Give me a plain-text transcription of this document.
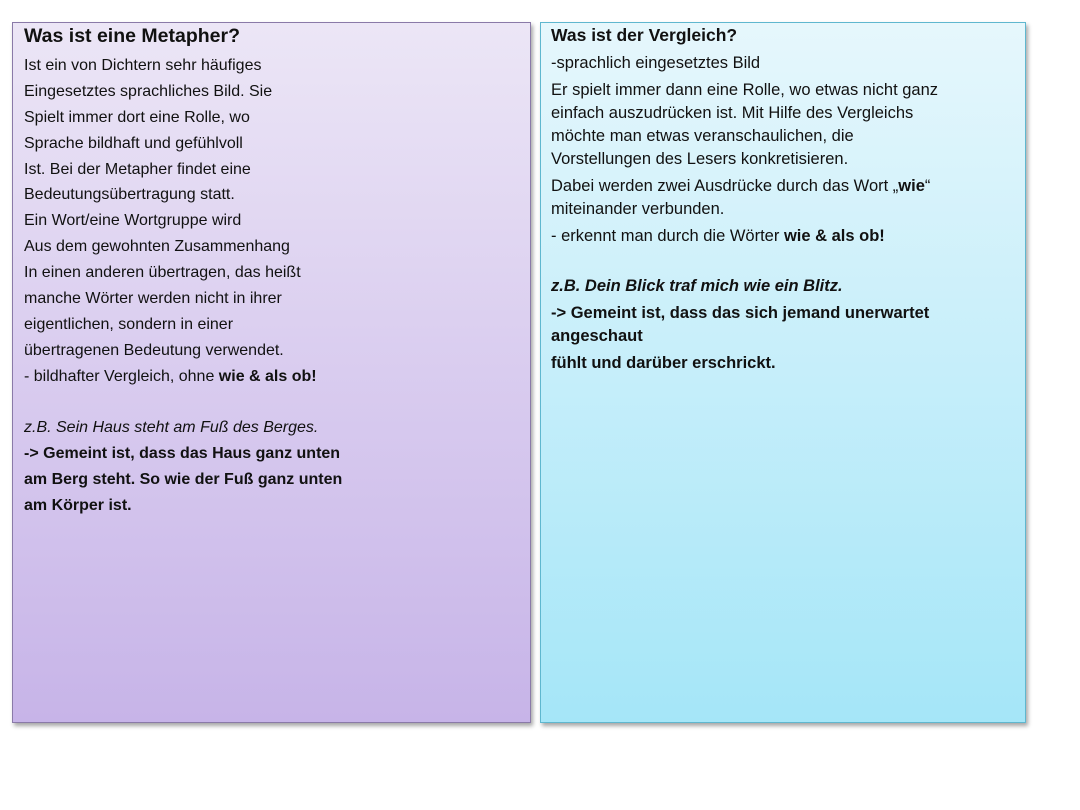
Was ist eine Metapher?
Ist ein von Dichtern sehr häufiges
Eingesetztes sprachliches Bild. Sie
Spielt immer dort eine Rolle, wo
Sprache bildhaft und gefühlvoll
Ist. Bei der Metapher findet eine
Bedeutungsübertragung statt.
Ein Wort/eine Wortgruppe wird
Aus dem gewohnten Zusammenhang
In einen anderen übertragen, das heißt
manche Wörter werden nicht in ihrer
eigentlichen, sondern in einer
übertragenen Bedeutung verwendet.
- bildhafter Vergleich, ohne wie & als ob!
z.B. Sein Haus steht am Fuß des Berges.
-> Gemeint ist, dass das Haus ganz unten
am Berg steht. So wie der Fuß ganz unten
am Körper ist.
Was ist der Vergleich?
-sprachlich eingesetztes Bild
Er spielt immer dann eine Rolle, wo etwas nicht ganz
einfach auszudrücken ist. Mit Hilfe des Vergleichs
möchte man etwas veranschaulichen, die
Vorstellungen des Lesers konkretisieren.
Dabei werden zwei Ausdrücke durch das Wort „wie“
miteinander verbunden.
- erkennt man durch die Wörter wie & als ob!
z.B. Dein Blick traf mich wie ein Blitz.
-> Gemeint ist, dass das sich jemand unerwartet
angeschaut
fühlt und darüber erschrickt.
